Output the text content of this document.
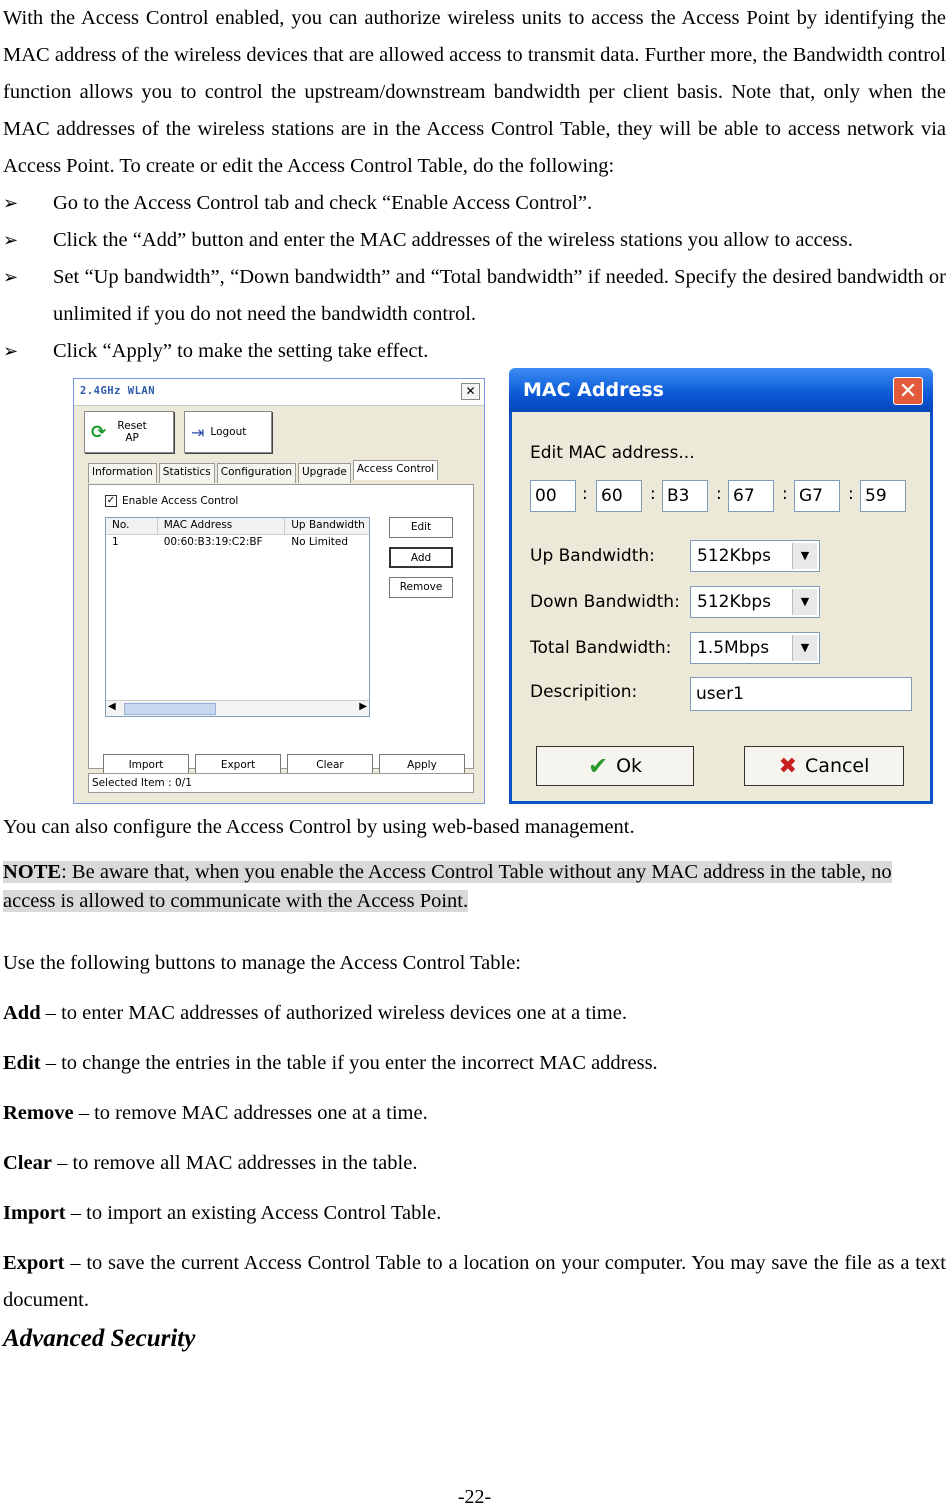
With the Access Control enabled, you can authorize wireless units to access the Access Point by identifying the MAC address of the wireless devices that are allowed access to transmit data. Further more, the Bandwidth control function allows you to control the upstream/downstream bandwidth per client basis. Note that, only when the MAC addresses of the wireless stations are in the Access Control Table, they will be able to access network via Access Point. To create or edit the Access Control Table, do the following:

➢ Go to the Access Control tab and check “Enable Access Control”.
➢ Click the “Add” button and enter the MAC addresses of the wireless stations you allow to access.
➢ Set “Up bandwidth”, “Down bandwidth” and “Total bandwidth” if needed. Specify the desired bandwidth or unlimited if you do not need the bandwidth control.
➢ Click “Apply” to make the setting take effect.
2.4GHz WLAN	✕
⟳	Reset AP	⇥ Logout
Information Statistics Configuration Upgrade Access Control
✓ Enable Access Control
No.	MAC Address	Up Bandwidth
1	00:60:B3:19:C2:BF	No Limited
◀	▶
Edit
Add
Remove
Import	Export	Clear	Apply
Selected Item : 0/1
MAC Address	✕
Edit MAC address...
00	: 60	: B3	: 67	: G7	: 59
Up Bandwidth:	512Kbps	▼
Down Bandwidth:	512Kbps	▼
Total Bandwidth:	1.5Mbps	▼
Descripition:	user1
✔ Ok	✖ Cancel

You can also configure the Access Control by using web-based management.

NOTE: Be aware that, when you enable the Access Control Table without any MAC address in the table, no access is allowed to communicate with the Access Point.

Use the following buttons to manage the Access Control Table:

Add – to enter MAC addresses of authorized wireless devices one at a time.

Edit – to change the entries in the table if you enter the incorrect MAC address.

Remove – to remove MAC addresses one at a time.

Clear – to remove all MAC addresses in the table.

Import – to import an existing Access Control Table.

Export – to save the current Access Control Table to a location on your computer. You may save the file as a text document.

Advanced Security
-22-
